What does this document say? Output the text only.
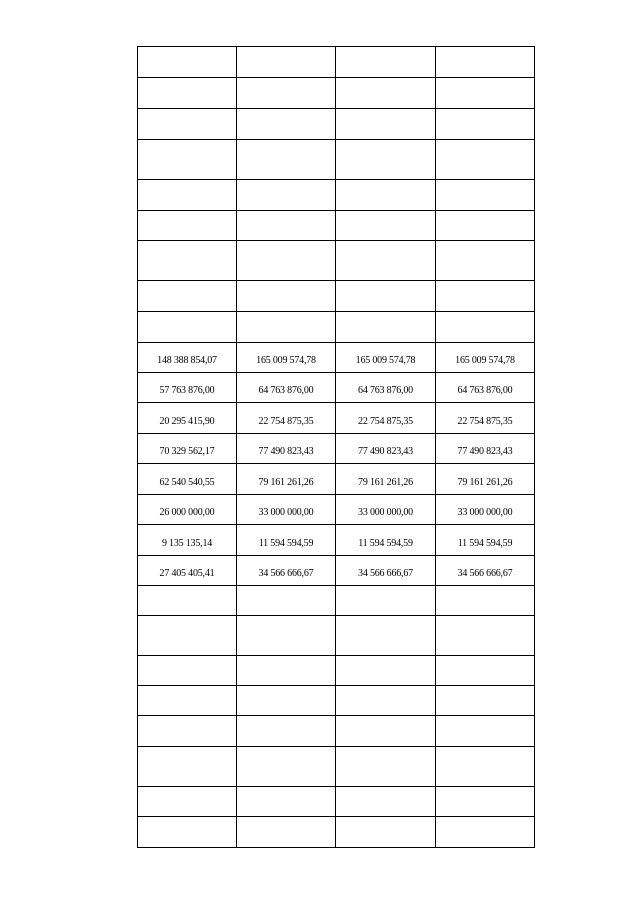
148 388 854,07	165 009 574,78	165 009 574,78	165 009 574,78
57 763 876,00	64 763 876,00	64 763 876,00	64 763 876,00
20 295 415,90	22 754 875,35	22 754 875,35	22 754 875,35
70 329 562,17	77 490 823,43	77 490 823,43	77 490 823,43
62 540 540,55	79 161 261,26	79 161 261,26	79 161 261,26
26 000 000,00	33 000 000,00	33 000 000,00	33 000 000,00
9 135 135,14	11 594 594,59	11 594 594,59	11 594 594,59
27 405 405,41	34 566 666,67	34 566 666,67	34 566 666,67
